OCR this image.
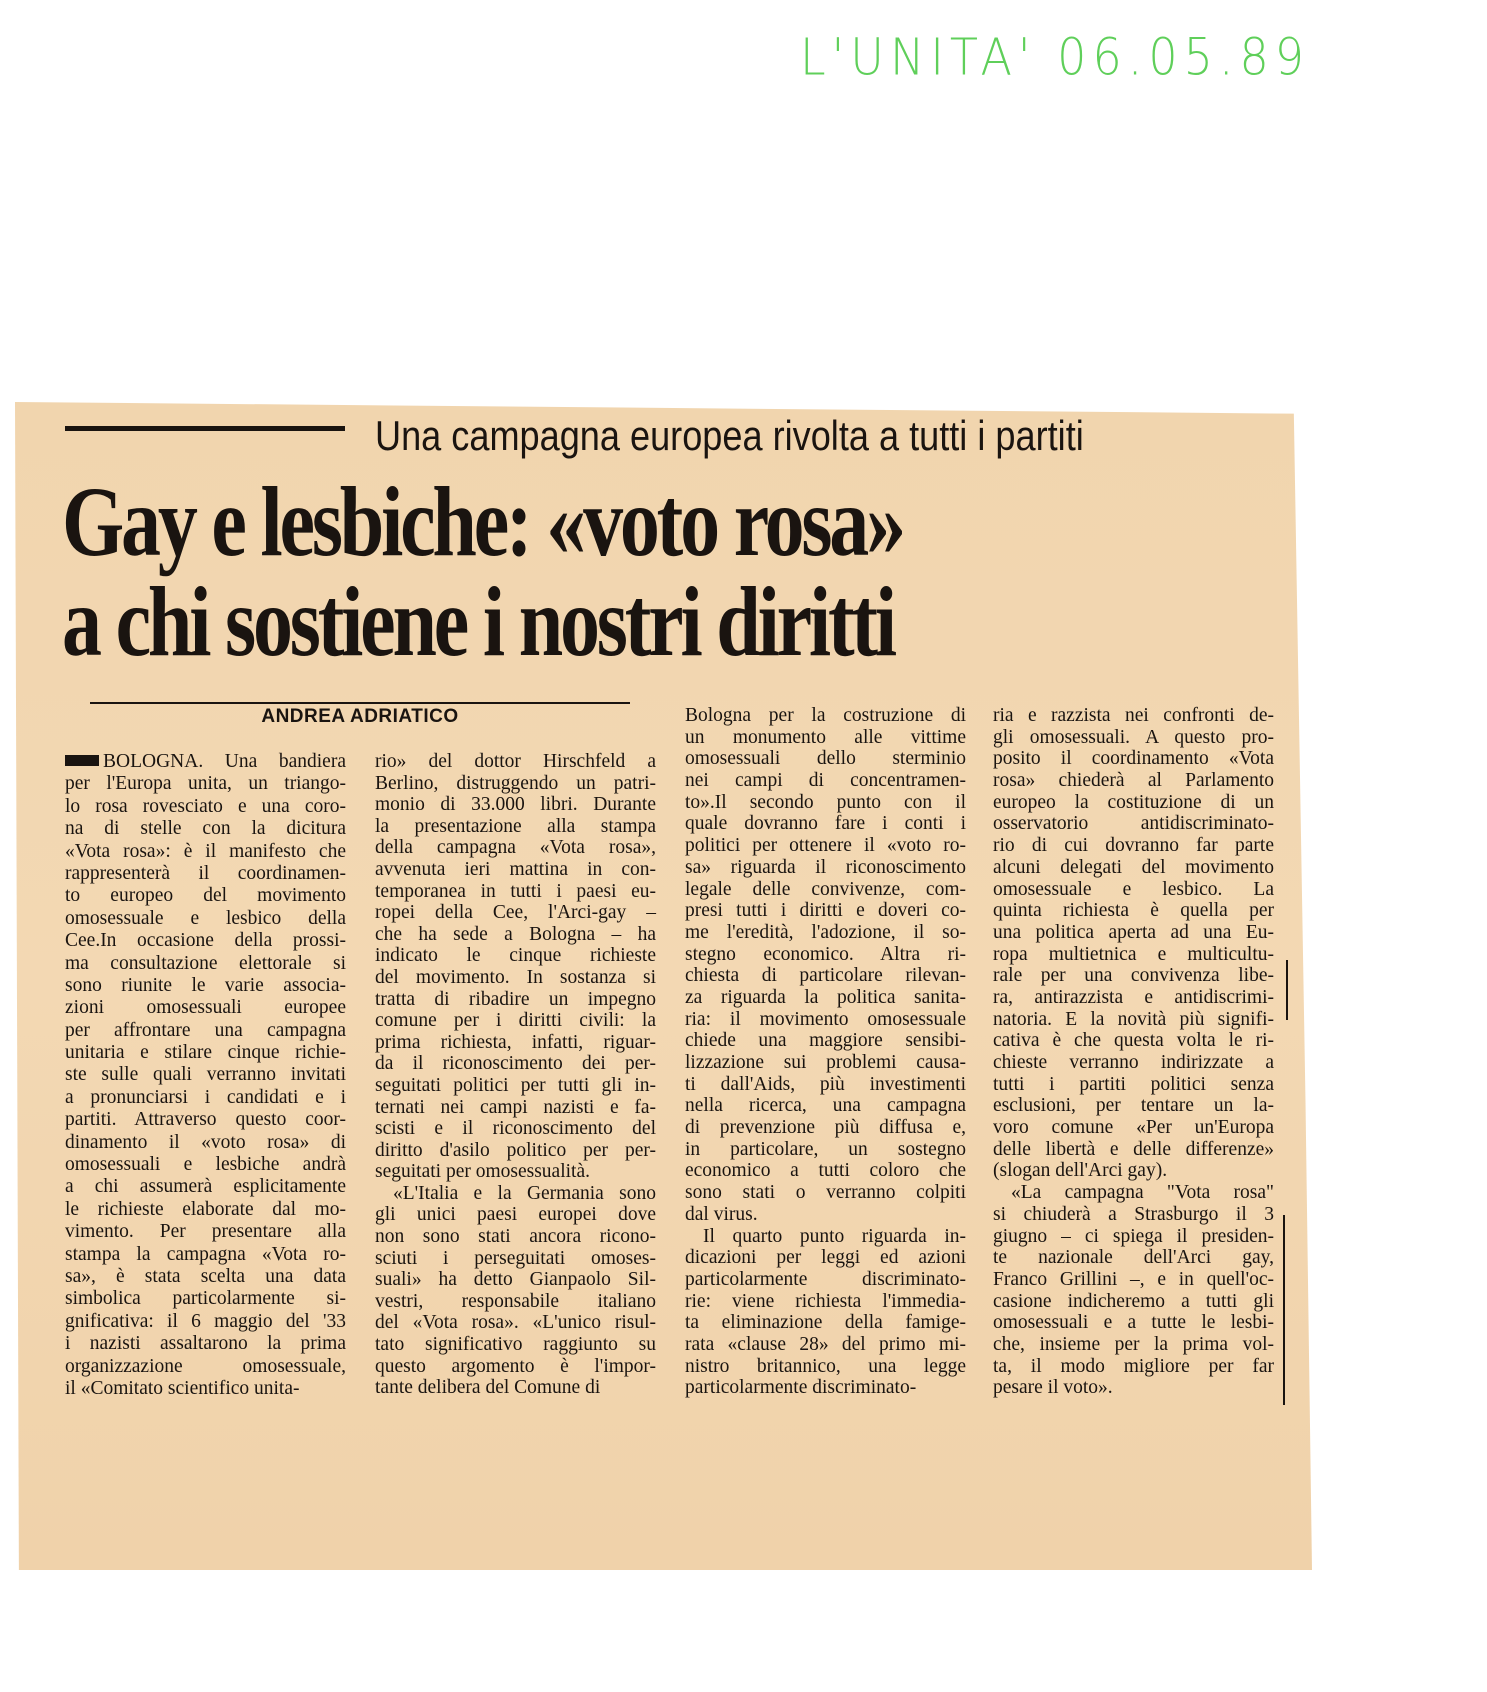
L'UNITA' 06.05.89
Una campagna europea rivolta a tutti i partiti
Gay e lesbiche: «voto rosa»
a chi sostiene i nostri diritti
ANDREA ADRIATICO
BOLOGNA. Una bandiera
per l'Europa unita, un triango-
lo rosa rovesciato e una coro-
na di stelle con la dicitura
«Vota rosa»: è il manifesto che
rappresenterà il coordinamen-
to europeo del movimento
omosessuale e lesbico della
Cee.In occasione della prossi-
ma consultazione elettorale si
sono riunite le varie associa-
zioni omosessuali europee
per affrontare una campagna
unitaria e stilare cinque richie-
ste sulle quali verranno invitati
a pronunciarsi i candidati e i
partiti. Attraverso questo coor-
dinamento il «voto rosa» di
omosessuali e lesbiche andrà
a chi assumerà esplicitamente
le richieste elaborate dal mo-
vimento. Per presentare alla
stampa la campagna «Vota ro-
sa», è stata scelta una data
simbolica particolarmente si-
gnificativa: il 6 maggio del '33
i nazisti assaltarono la prima
organizzazione omosessuale,
il «Comitato scientifico unita-
rio» del dottor Hirschfeld a
Berlino, distruggendo un patri-
monio di 33.000 libri. Durante
la presentazione alla stampa
della campagna «Vota rosa»,
avvenuta ieri mattina in con-
temporanea in tutti i paesi eu-
ropei della Cee, l'Arci-gay –
che ha sede a Bologna – ha
indicato le cinque richieste
del movimento. In sostanza si
tratta di ribadire un impegno
comune per i diritti civili: la
prima richiesta, infatti, riguar-
da il riconoscimento dei per-
seguitati politici per tutti gli in-
ternati nei campi nazisti e fa-
scisti e il riconoscimento del
diritto d'asilo politico per per-
seguitati per omosessualità.
«L'Italia e la Germania sono
gli unici paesi europei dove
non sono stati ancora ricono-
sciuti i perseguitati omoses-
suali» ha detto Gianpaolo Sil-
vestri, responsabile italiano
del «Vota rosa». «L'unico risul-
tato significativo raggiunto su
questo argomento è l'impor-
tante delibera del Comune di
Bologna per la costruzione di
un monumento alle vittime
omosessuali dello sterminio
nei campi di concentramen-
to».Il secondo punto con il
quale dovranno fare i conti i
politici per ottenere il «voto ro-
sa» riguarda il riconoscimento
legale delle convivenze, com-
presi tutti i diritti e doveri co-
me l'eredità, l'adozione, il so-
stegno economico. Altra ri-
chiesta di particolare rilevan-
za riguarda la politica sanita-
ria: il movimento omosessuale
chiede una maggiore sensibi-
lizzazione sui problemi causa-
ti dall'Aids, più investimenti
nella ricerca, una campagna
di prevenzione più diffusa e,
in particolare, un sostegno
economico a tutti coloro che
sono stati o verranno colpiti
dal virus.
Il quarto punto riguarda in-
dicazioni per leggi ed azioni
particolarmente discriminato-
rie: viene richiesta l'immedia-
ta eliminazione della famige-
rata «clause 28» del primo mi-
nistro britannico, una legge
particolarmente discriminato-
ria e razzista nei confronti de-
gli omosessuali. A questo pro-
posito il coordinamento «Vota
rosa» chiederà al Parlamento
europeo la costituzione di un
osservatorio antidiscriminato-
rio di cui dovranno far parte
alcuni delegati del movimento
omosessuale e lesbico. La
quinta richiesta è quella per
una politica aperta ad una Eu-
ropa multietnica e multicultu-
rale per una convivenza libe-
ra, antirazzista e antidiscrimi-
natoria. E la novità più signifi-
cativa è che questa volta le ri-
chieste verranno indirizzate a
tutti i partiti politici senza
esclusioni, per tentare un la-
voro comune «Per un'Europa
delle libertà e delle differenze»
(slogan dell'Arci gay).
«La campagna "Vota rosa"
si chiuderà a Strasburgo il 3
giugno – ci spiega il presiden-
te nazionale dell'Arci gay,
Franco Grillini –, e in quell'oc-
casione indicheremo a tutti gli
omosessuali e a tutte le lesbi-
che, insieme per la prima vol-
ta, il modo migliore per far
pesare il voto».
